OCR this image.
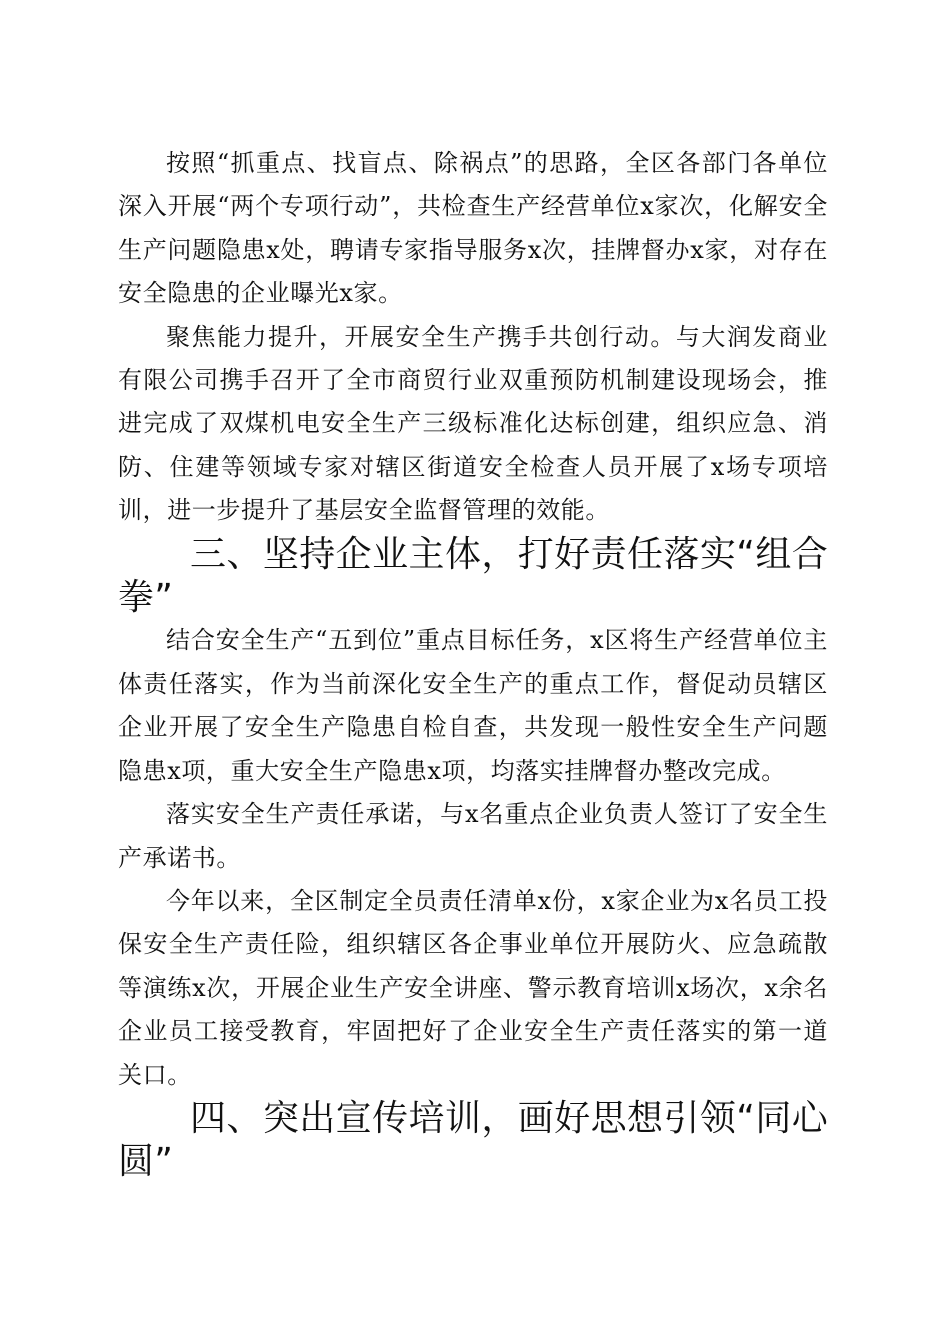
按照“抓重点、找盲点、除祸点”的思路，全区各部门各单位深入开展“两个专项行动”，共检查生产经营单位x家次，化解安全生产问题隐患x处，聘请专家指导服务x次，挂牌督办x家，对存在安全隐患的企业曝光x家。

聚焦能力提升，开展安全生产携手共创行动。与大润发商业有限公司携手召开了全市商贸行业双重预防机制建设现场会，推进完成了双煤机电安全生产三级标准化达标创建，组织应急、消防、住建等领域专家对辖区街道安全检查人员开展了x场专项培训，进一步提升了基层安全监督管理的效能。

三、坚持企业主体，打好责任落实“组合拳”

结合安全生产“五到位”重点目标任务，x区将生产经营单位主体责任落实，作为当前深化安全生产的重点工作，督促动员辖区企业开展了安全生产隐患自检自查，共发现一般性安全生产问题隐患x项，重大安全生产隐患x项，均落实挂牌督办整改完成。

落实安全生产责任承诺，与x名重点企业负责人签订了安全生产承诺书。

今年以来，全区制定全员责任清单x份，x家企业为x名员工投保安全生产责任险，组织辖区各企事业单位开展防火、应急疏散等演练x次，开展企业生产安全讲座、警示教育培训x场次，x余名企业员工接受教育，牢固把好了企业安全生产责任落实的第一道关口。

四、突出宣传培训，画好思想引领“同心圆”
